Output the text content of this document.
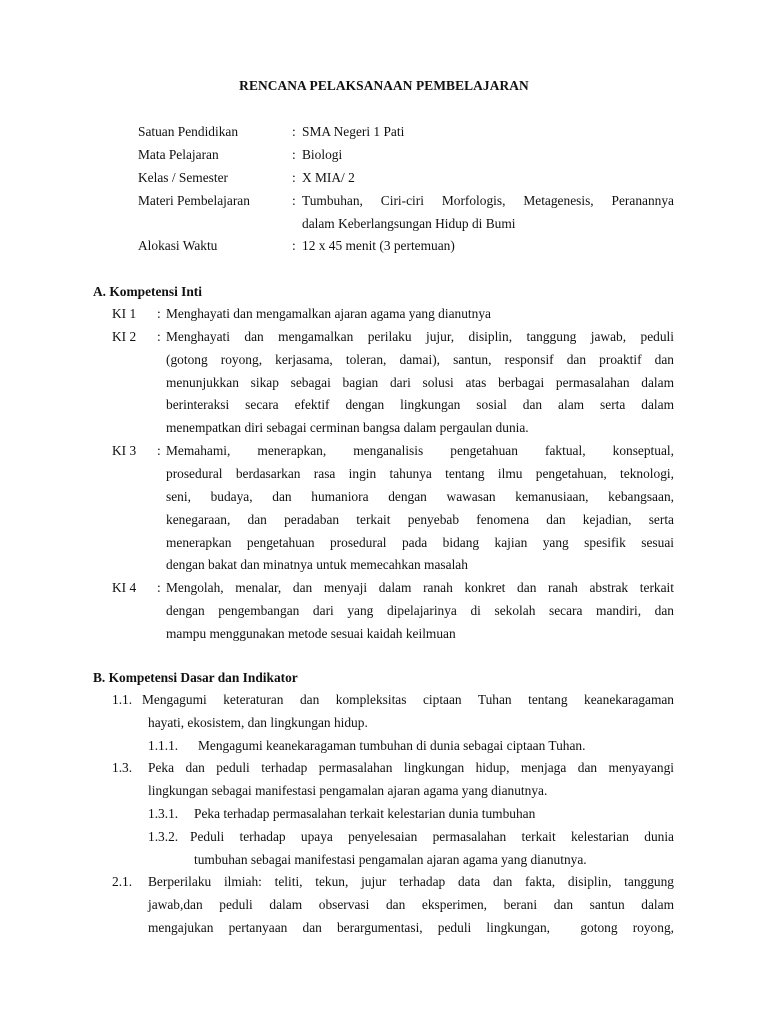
RENCANA PELAKSANAAN PEMBELAJARAN
Satuan Pendidikan	: SMA Negeri 1 Pati
Mata Pelajaran	: Biologi
Kelas / Semester	: X MIA/ 2
Materi Pembelajaran	: Tumbuhan, Ciri-ciri Morfologis, Metagenesis, Peranannya
dalam Keberlangsungan Hidup di Bumi
Alokasi Waktu	: 12 x 45 menit (3 pertemuan)
A. Kompetensi Inti
KI 1 : Menghayati dan mengamalkan ajaran agama yang dianutnya
KI 2 : Menghayati dan mengamalkan perilaku jujur, disiplin, tanggung jawab, peduli
(gotong royong, kerjasama, toleran, damai), santun, responsif dan proaktif dan
menunjukkan sikap sebagai bagian dari solusi atas berbagai permasalahan dalam
berinteraksi secara efektif dengan lingkungan sosial dan alam serta dalam
menempatkan diri sebagai cerminan bangsa dalam pergaulan dunia.
KI 3 : Memahami, menerapkan, menganalisis pengetahuan faktual, konseptual,
prosedural berdasarkan rasa ingin tahunya tentang ilmu pengetahuan, teknologi,
seni, budaya, dan humaniora dengan wawasan kemanusiaan, kebangsaan,
kenegaraan, dan peradaban terkait penyebab fenomena dan kejadian, serta
menerapkan pengetahuan prosedural pada bidang kajian yang spesifik sesuai
dengan bakat dan minatnya untuk memecahkan masalah
KI 4 : Mengolah, menalar, dan menyaji dalam ranah konkret dan ranah abstrak terkait
dengan pengembangan dari yang dipelajarinya di sekolah secara mandiri, dan
mampu menggunakan metode sesuai kaidah keilmuan
B. Kompetensi Dasar dan Indikator
1.1. Mengagumi keteraturan dan kompleksitas ciptaan Tuhan tentang keanekaragaman
hayati, ekosistem, dan lingkungan hidup.
1.1.1. Mengagumi keanekaragaman tumbuhan di dunia sebagai ciptaan Tuhan.
1.3. Peka dan peduli terhadap permasalahan lingkungan hidup, menjaga dan menyayangi
lingkungan sebagai manifestasi pengamalan ajaran agama yang dianutnya.
1.3.1. Peka terhadap permasalahan terkait kelestarian dunia tumbuhan
1.3.2. Peduli terhadap upaya penyelesaian permasalahan terkait kelestarian dunia
tumbuhan sebagai manifestasi pengamalan ajaran agama yang dianutnya.
2.1. Berperilaku ilmiah: teliti, tekun, jujur terhadap data dan fakta, disiplin, tanggung
jawab,dan peduli dalam observasi dan eksperimen, berani dan santun dalam
mengajukan pertanyaan dan berargumentasi, peduli lingkungan,  gotong royong,
